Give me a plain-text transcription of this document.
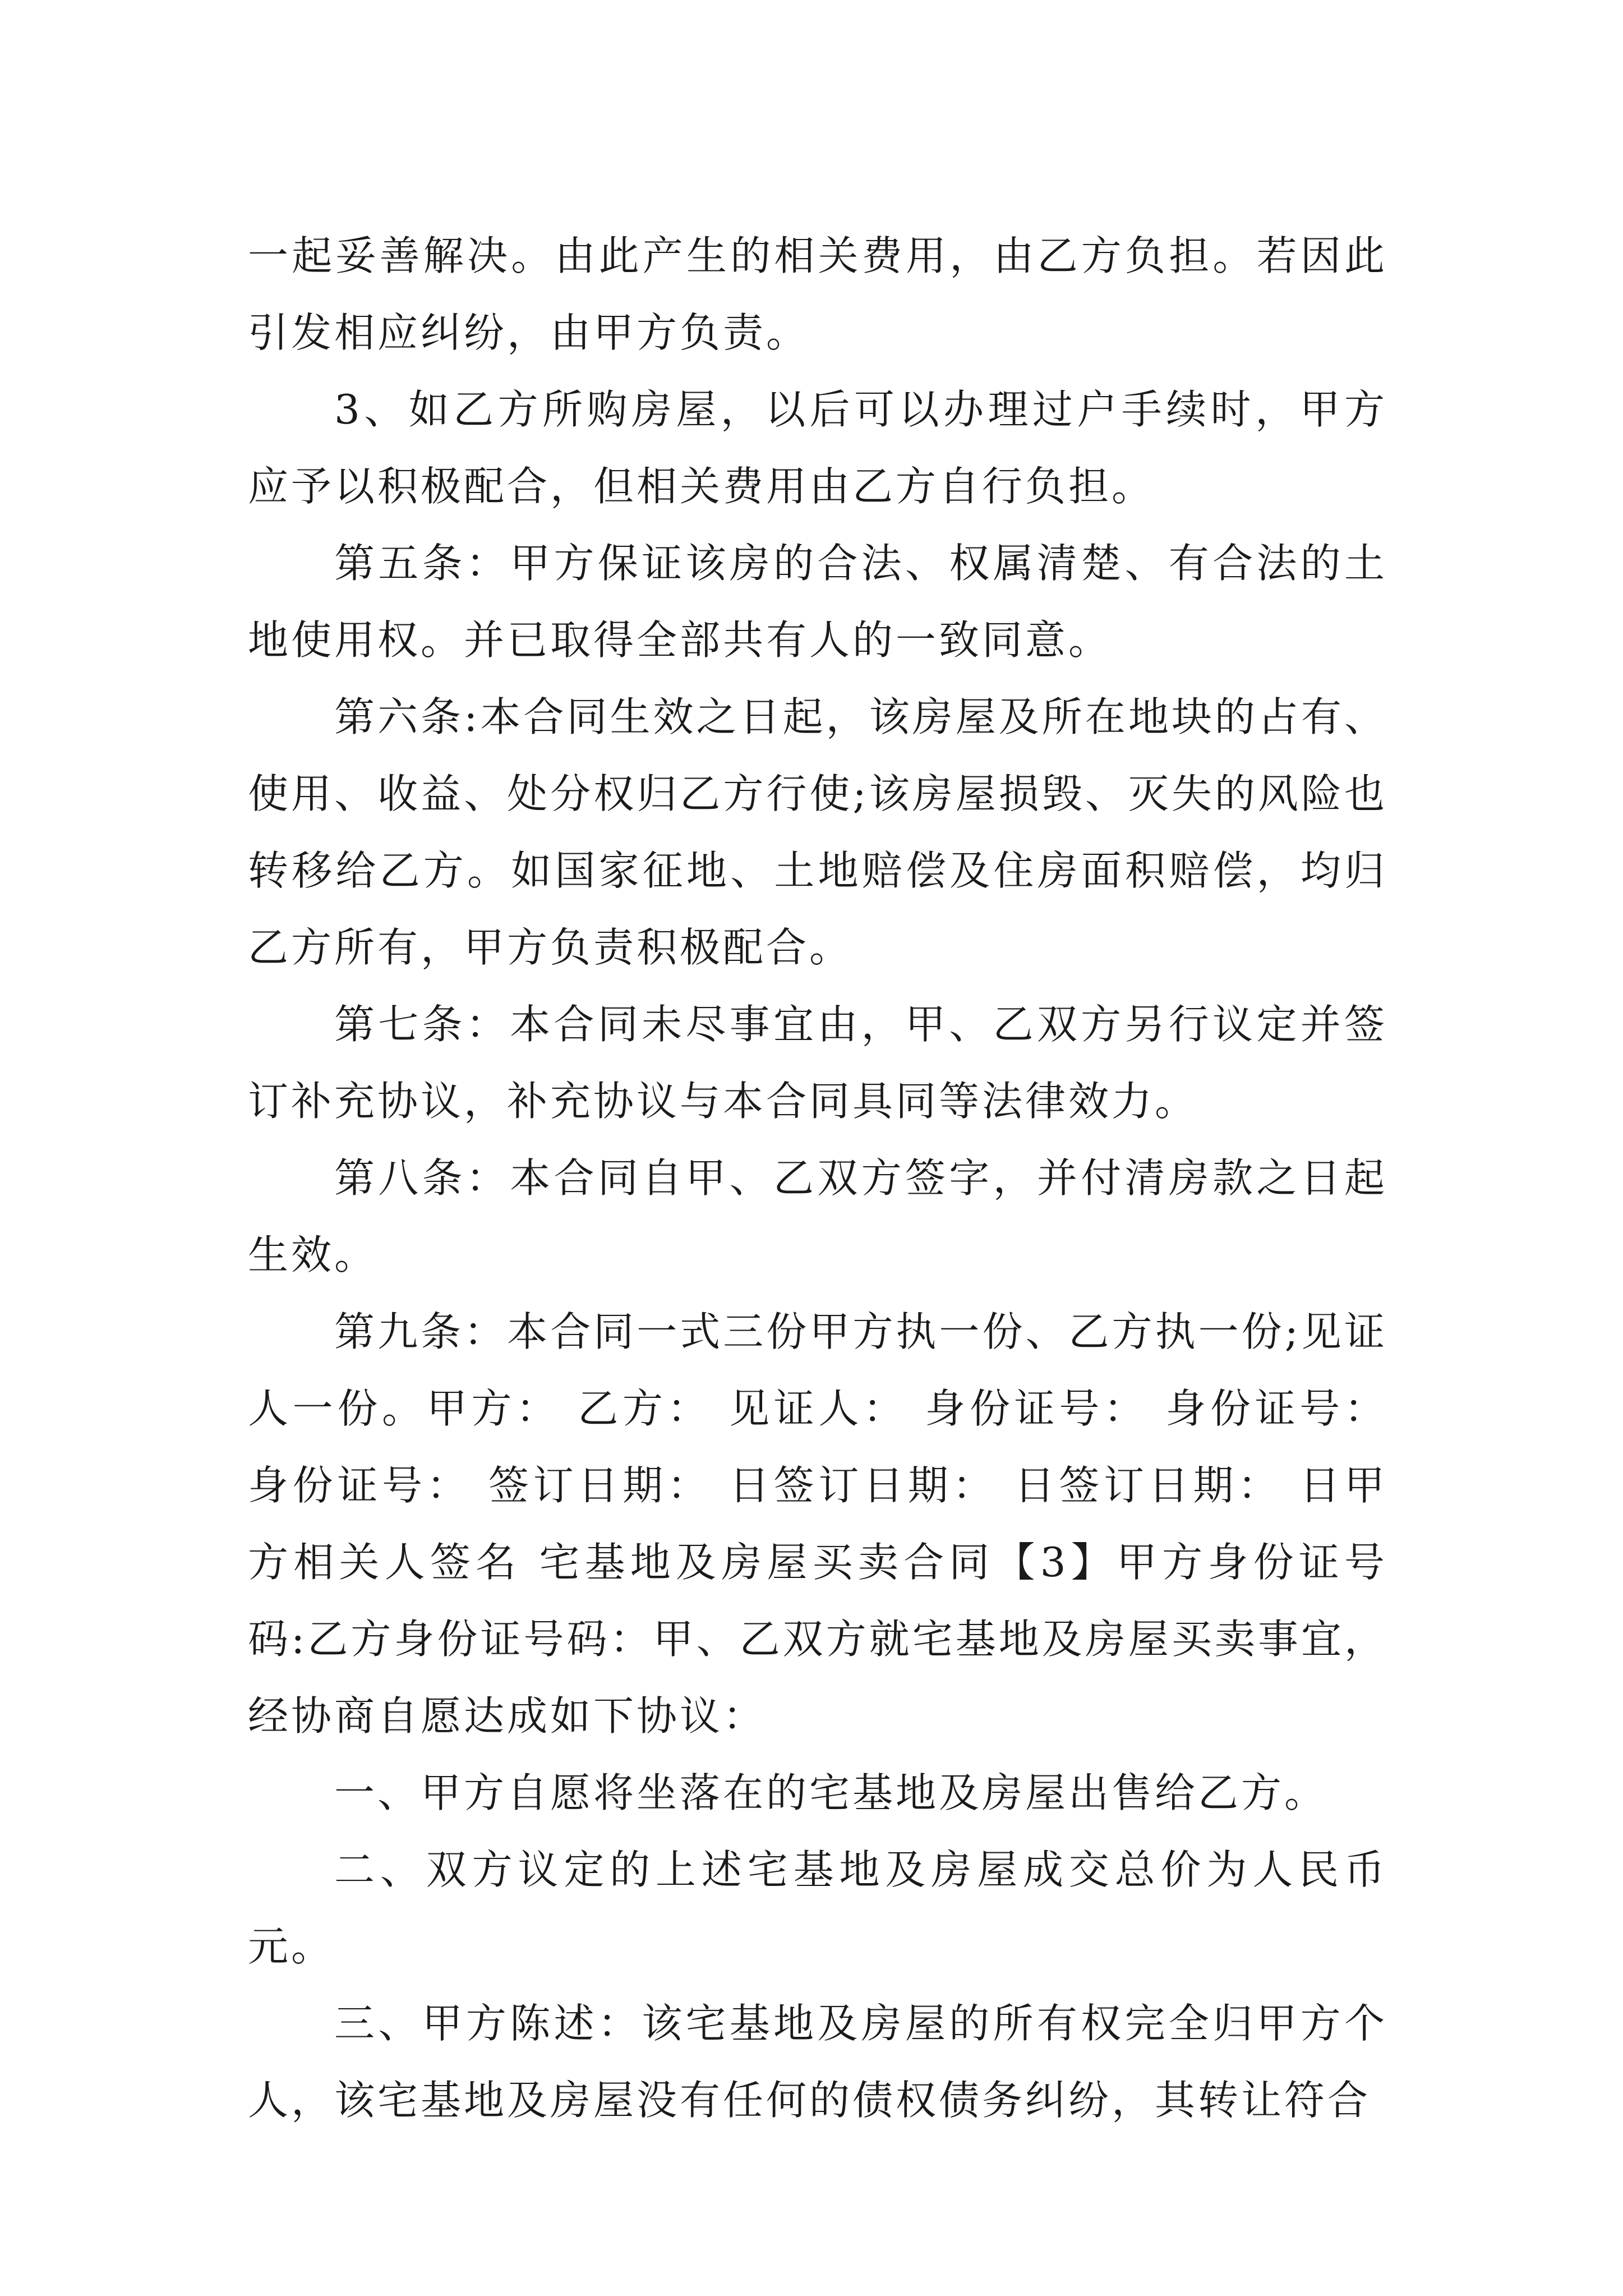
一起妥善解决。由此产生的相关费用，由乙方负担。若因此引发相应纠纷，由甲方负责。

3、如乙方所购房屋，以后可以办理过户手续时，甲方应予以积极配合，但相关费用由乙方自行负担。

第五条：甲方保证该房的合法、权属清楚、有合法的土地使用权。并已取得全部共有人的一致同意。

第六条:本合同生效之日起，该房屋及所在地块的占有、使用、收益、处分权归乙方行使;该房屋损毁、灭失的风险也转移给乙方。如国家征地、土地赔偿及住房面积赔偿，均归乙方所有，甲方负责积极配合。

第七条：本合同未尽事宜由，甲、乙双方另行议定并签订补充协议，补充协议与本合同具同等法律效力。

第八条：本合同自甲、乙双方签字，并付清房款之日起生效。

第九条：本合同一式三份甲方执一份、乙方执一份;见证人一份。甲方： 乙方： 见证人： 身份证号： 身份证号：身份证号： 签订日期： 日签订日期： 日签订日期： 日甲方相关人签名 宅基地及房屋买卖合同【3】甲方身份证号码:乙方身份证号码：甲、乙双方就宅基地及房屋买卖事宜，经协商自愿达成如下协议：

一、甲方自愿将坐落在的宅基地及房屋出售给乙方。

二、双方议定的上述宅基地及房屋成交总价为人民币元。

三、甲方陈述：该宅基地及房屋的所有权完全归甲方个人，该宅基地及房屋没有任何的债权债务纠纷，其转让符合
